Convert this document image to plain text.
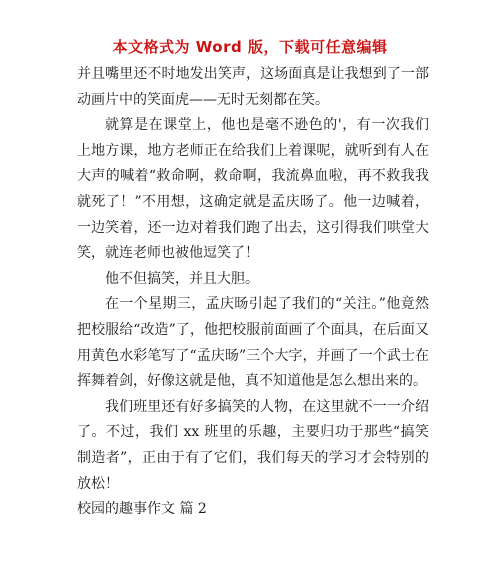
本文格式为 Word 版，下载可任意编辑

并且嘴里还不时地发出笑声，这场面真是让我想到了一部动画片中的笑面虎——无时无刻都在笑。

就算是在课堂上，他也是毫不逊色的'，有一次我们上地方课，地方老师正在给我们上着课呢，就听到有人在大声的喊着“救命啊，救命啊，我流鼻血啦，再不救我我就死了！”不用想，这确定就是孟庆旸了。他一边喊着，一边笑着，还一边对着我们跑了出去，这引得我们哄堂大笑，就连老师也被他逗笑了！

他不但搞笑，并且大胆。

在一个星期三，孟庆旸引起了我们的“关注。”他竟然把校服给“改造”了，他把校服前面画了个面具，在后面又用黄色水彩笔写了“孟庆旸”三个大字，并画了一个武士在挥舞着剑，好像这就是他，真不知道他是怎么想出来的。

我们班里还有好多搞笑的人物，在这里就不一一介绍了。不过，我们 xx 班里的乐趣，主要归功于那些“搞笑制造者”，正由于有了它们，我们每天的学习才会特别的放松！

校园的趣事作文 篇 2
